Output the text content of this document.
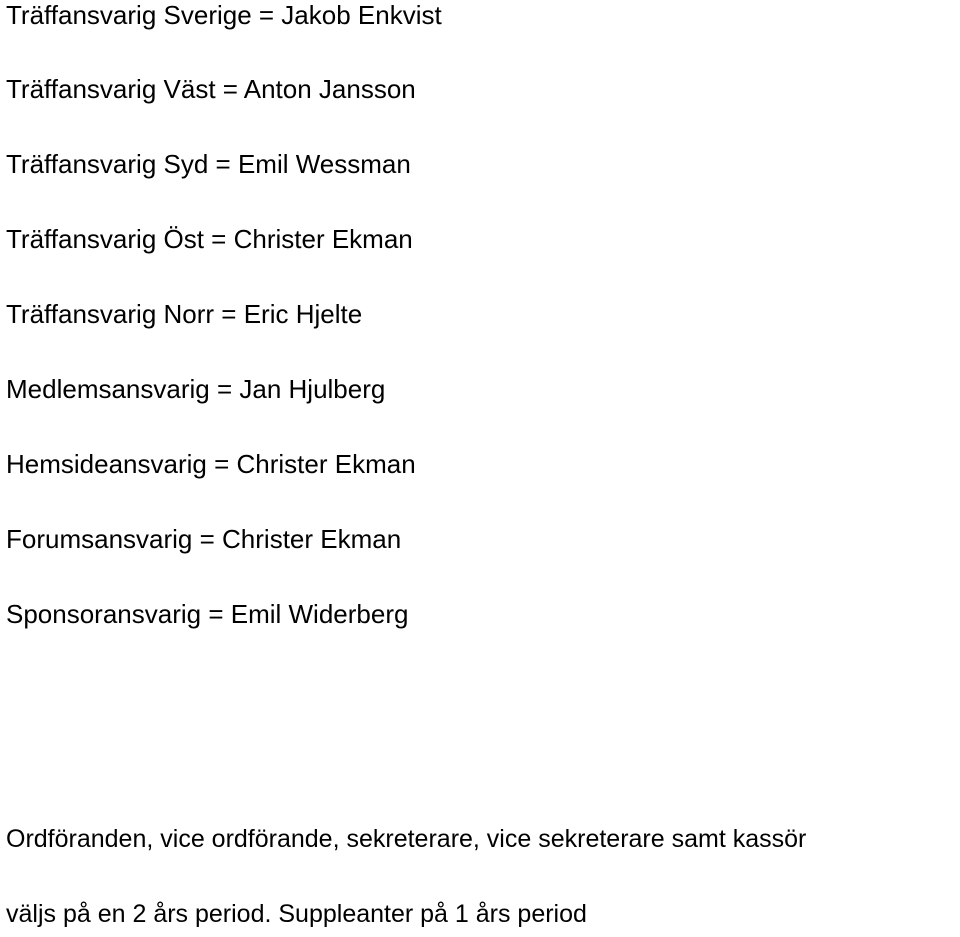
Träffansvarig Sverige = Jakob Enkvist
Träffansvarig Väst = Anton Jansson
Träffansvarig Syd = Emil Wessman
Träffansvarig Öst = Christer Ekman
Träffansvarig Norr = Eric Hjelte
Medlemsansvarig = Jan Hjulberg
Hemsideansvarig = Christer Ekman
Forumsansvarig = Christer Ekman
Sponsoransvarig = Emil Widerberg
Ordföranden, vice ordförande, sekreterare, vice sekreterare samt kassör
väljs på en 2 års period. Suppleanter på 1 års period
